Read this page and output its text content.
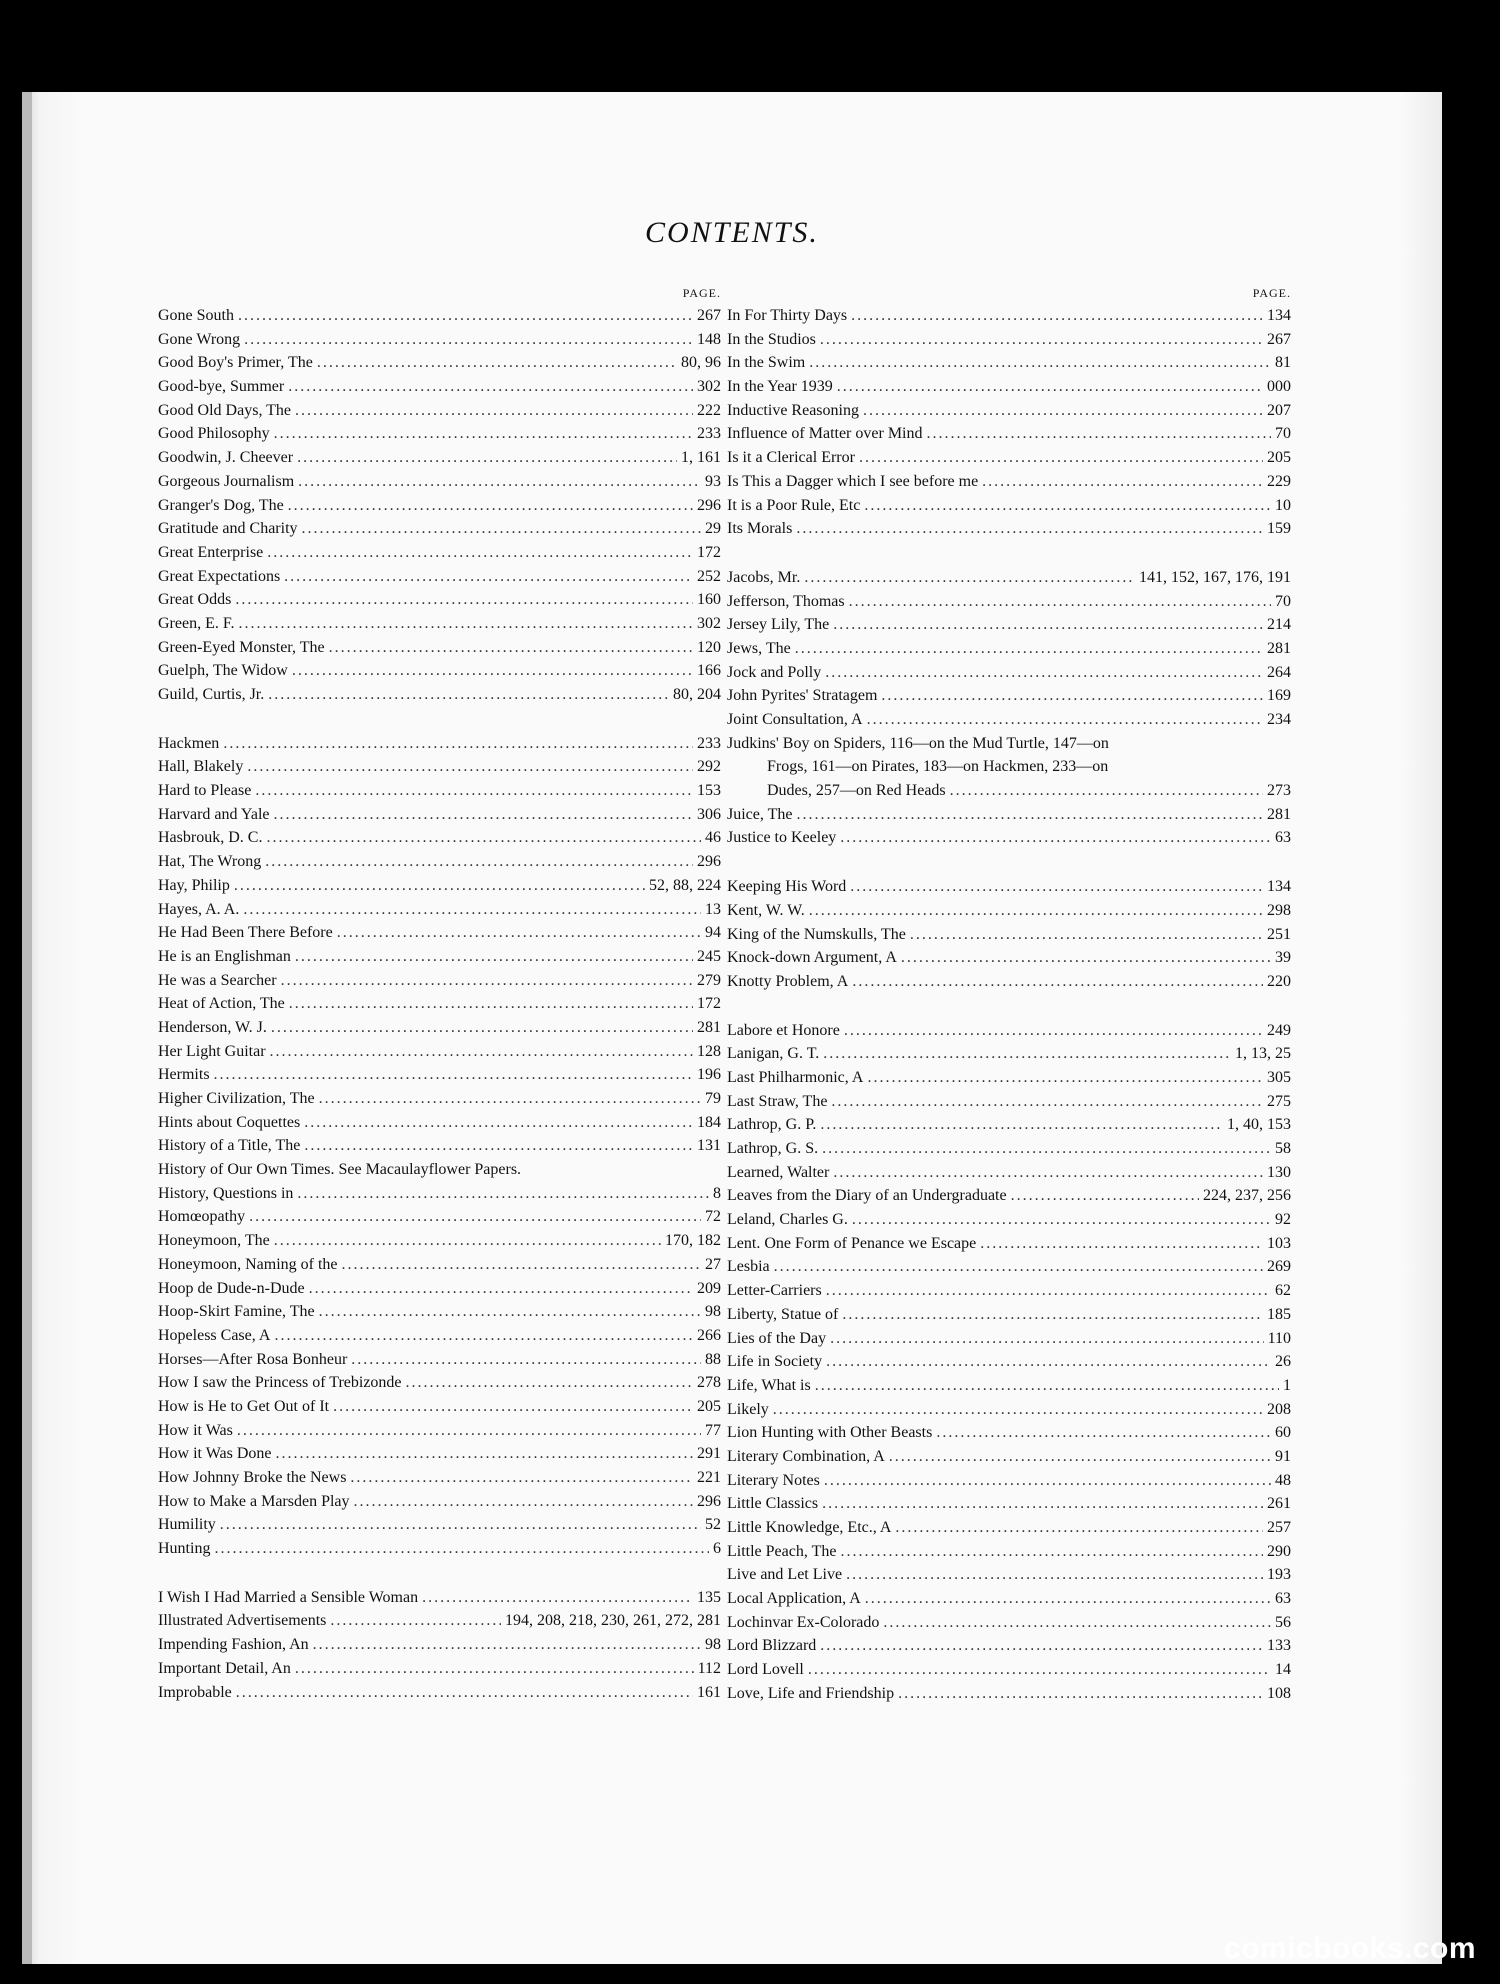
CONTENTS.
PAGE.
Gone South .....	267
Gone Wrong .....	148
Good Boy's Primer, The .....	80, 96
Good-bye, Summer .....	302
Good Old Days, The .....	222
Good Philosophy .....	233
Goodwin, J. Cheever .....	1, 161
Gorgeous Journalism .....	93
Granger's Dog, The .....	296
Gratitude and Charity .....	29
Great Enterprise .....	172
Great Expectations .....	252
Great Odds .....	160
Green, E. F. .....	302
Green-Eyed Monster, The .....	120
Guelph, The Widow .....	166
Guild, Curtis, Jr. .....	80, 204
Hackmen .....	233
Hall, Blakely .....	292
Hard to Please .....	153
Harvard and Yale .....	306
Hasbrouk, D. C. .....	46
Hat, The Wrong .....	296
Hay, Philip .....	52, 88, 224
Hayes, A. A. .....	13
He Had Been There Before .....	94
He is an Englishman .....	245
He was a Searcher .....	279
Heat of Action, The .....	172
Henderson, W. J. .....	281
Her Light Guitar .....	128
Hermits .....	196
Higher Civilization, The .....	79
Hints about Coquettes .....	184
History of a Title, The .....	131
History of Our Own Times. See Macaulayflower Papers.
History, Questions in .....	8
Homœopathy .....	72
Honeymoon, The .....	170, 182
Honeymoon, Naming of the .....	27
Hoop de Dude-n-Dude .....	209
Hoop-Skirt Famine, The .....	98
Hopeless Case, A .....	266
Horses—After Rosa Bonheur .....	88
How I saw the Princess of Trebizonde .....	278
How is He to Get Out of It .....	205
How it Was .....	77
How it Was Done .....	291
How Johnny Broke the News .....	221
How to Make a Marsden Play .....	296
Humility .....	52
Hunting .....	6
I Wish I Had Married a Sensible Woman .....	135
Illustrated Advertisements .....	194, 208, 218, 230, 261, 272, 281
Impending Fashion, An .....	98
Important Detail, An .....	112
Improbable .....	161
PAGE.
In For Thirty Days .....	134
In the Studios .....	267
In the Swim .....	81
In the Year 1939 .....	000
Inductive Reasoning .....	207
Influence of Matter over Mind .....	70
Is it a Clerical Error .....	205
Is This a Dagger which I see before me .....	229
It is a Poor Rule, Etc .....	10
Its Morals .....	159
Jacobs, Mr. .....	141, 152, 167, 176, 191
Jefferson, Thomas .....	70
Jersey Lily, The .....	214
Jews, The .....	281
Jock and Polly .....	264
John Pyrites' Stratagem .....	169
Joint Consultation, A .....	234
Judkins' Boy on Spiders, 116—on the Mud Turtle, 147—on
Frogs, 161—on Pirates, 183—on Hackmen, 233—on
Dudes, 257—on Red Heads .....	273
Juice, The .....	281
Justice to Keeley .....	63
Keeping His Word .....	134
Kent, W. W. .....	298
King of the Numskulls, The .....	251
Knock-down Argument, A .....	39
Knotty Problem, A .....	220
Labore et Honore .....	249
Lanigan, G. T. .....	1, 13, 25
Last Philharmonic, A .....	305
Last Straw, The .....	275
Lathrop, G. P. .....	1, 40, 153
Lathrop, G. S. .....	58
Learned, Walter .....	130
Leaves from the Diary of an Undergraduate .....	224, 237, 256
Leland, Charles G. .....	92
Lent. One Form of Penance we Escape .....	103
Lesbia .....	269
Letter-Carriers .....	62
Liberty, Statue of .....	185
Lies of the Day .....	110
Life in Society .....	26
Life, What is .....	1
Likely .....	208
Lion Hunting with Other Beasts .....	60
Literary Combination, A .....	91
Literary Notes .....	48
Little Classics .....	261
Little Knowledge, Etc., A .....	257
Little Peach, The .....	290
Live and Let Live .....	193
Local Application, A .....	63
Lochinvar Ex-Colorado .....	56
Lord Blizzard .....	133
Lord Lovell .....	14
Love, Life and Friendship .....	108
comicbooks.com
